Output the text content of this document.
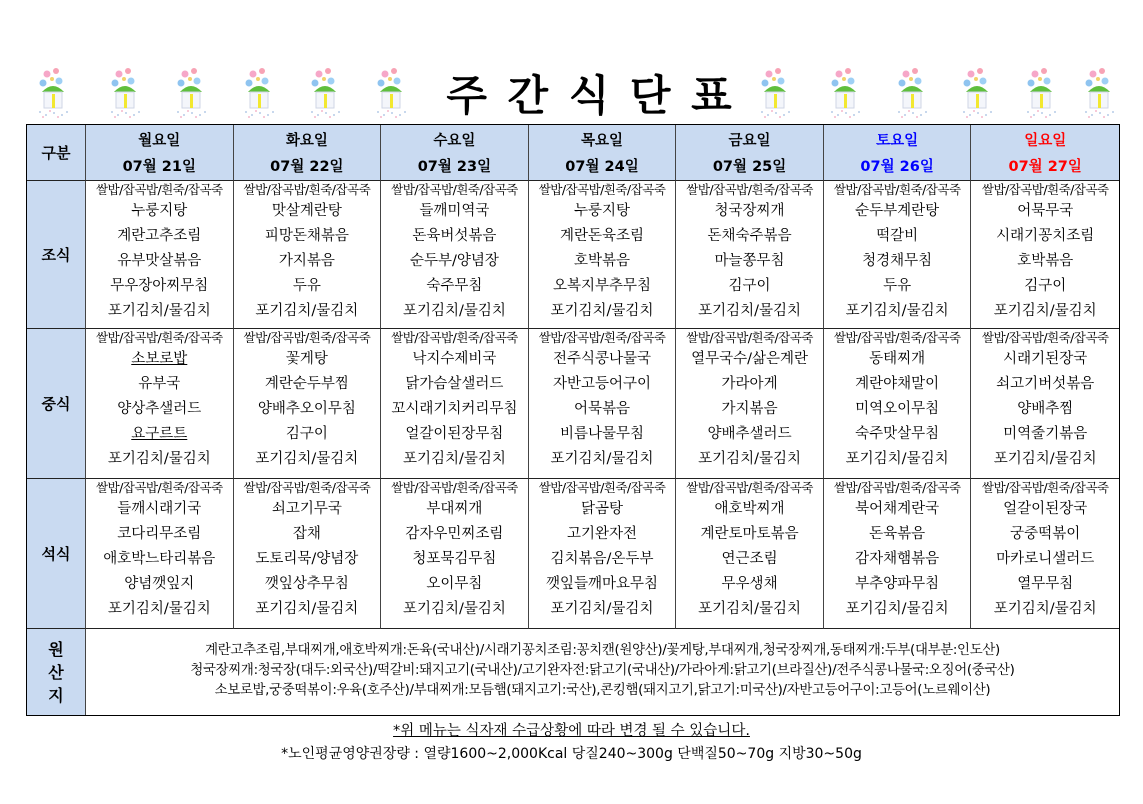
주 간 식 단 표
구분
월요일
07월 21일
화요일
07월 22일
수요일
07월 23일
목요일
07월 24일
금요일
07월 25일
토요일
07월 26일
일요일
07월 27일
조식
쌀밥/잡곡밥/흰죽/잡곡죽
누룽지탕
계란고추조림
유부맛살볶음
무우장아찌무침
포기김치/물김치
쌀밥/잡곡밥/흰죽/잡곡죽
맛살계란탕
피망돈채볶음
가지볶음
두유
포기김치/물김치
쌀밥/잡곡밥/흰죽/잡곡죽
들깨미역국
돈육버섯볶음
순두부/양념장
숙주무침
포기김치/물김치
쌀밥/잡곡밥/흰죽/잡곡죽
누룽지탕
계란돈육조림
호박볶음
오복지부추무침
포기김치/물김치
쌀밥/잡곡밥/흰죽/잡곡죽
청국장찌개
돈채숙주볶음
마늘쫑무침
김구이
포기김치/물김치
쌀밥/잡곡밥/흰죽/잡곡죽
순두부계란탕
떡갈비
청경채무침
두유
포기김치/물김치
쌀밥/잡곡밥/흰죽/잡곡죽
어묵무국
시래기꽁치조림
호박볶음
김구이
포기김치/물김치
중식
쌀밥/잡곡밥/흰죽/잡곡죽
소보로밥
유부국
양상추샐러드
요구르트
포기김치/물김치
쌀밥/잡곡밥/흰죽/잡곡죽
꽃게탕
계란순두부찜
양배추오이무침
김구이
포기김치/물김치
쌀밥/잡곡밥/흰죽/잡곡죽
낙지수제비국
닭가슴살샐러드
꼬시래기치커리무침
얼갈이된장무침
포기김치/물김치
쌀밥/잡곡밥/흰죽/잡곡죽
전주식콩나물국
자반고등어구이
어묵볶음
비름나물무침
포기김치/물김치
쌀밥/잡곡밥/흰죽/잡곡죽
열무국수/삶은계란
가라아게
가지볶음
양배추샐러드
포기김치/물김치
쌀밥/잡곡밥/흰죽/잡곡죽
동태찌개
계란야채말이
미역오이무침
숙주맛살무침
포기김치/물김치
쌀밥/잡곡밥/흰죽/잡곡죽
시래기된장국
쇠고기버섯볶음
양배추찜
미역줄기볶음
포기김치/물김치
석식
쌀밥/잡곡밥/흰죽/잡곡죽
들깨시래기국
코다리무조림
애호박느타리볶음
양념깻잎지
포기김치/물김치
쌀밥/잡곡밥/흰죽/잡곡죽
쇠고기무국
잡채
도토리묵/양념장
깻잎상추무침
포기김치/물김치
쌀밥/잡곡밥/흰죽/잡곡죽
부대찌개
감자우민찌조림
청포묵김무침
오이무침
포기김치/물김치
쌀밥/잡곡밥/흰죽/잡곡죽
닭곰탕
고기완자전
김치볶음/온두부
깻잎들깨마요무침
포기김치/물김치
쌀밥/잡곡밥/흰죽/잡곡죽
애호박찌개
계란토마토볶음
연근조림
무우생채
포기김치/물김치
쌀밥/잡곡밥/흰죽/잡곡죽
북어채계란국
돈육볶음
감자채햄볶음
부추양파무침
포기김치/물김치
쌀밥/잡곡밥/흰죽/잡곡죽
얼갈이된장국
궁중떡볶이
마카로니샐러드
열무무침
포기김치/물김치
원
산
지
계란고추조림,부대찌개,애호박찌개:돈육(국내산)/시래기꽁치조림:꽁치캔(원양산)/꽃게탕,부대찌개,청국장찌개,동태찌개:두부(대부분:인도산)
청국장찌개:청국장(대두:외국산)/떡갈비:돼지고기(국내산)/고기완자전:닭고기(국내산)/가라아게:닭고기(브라질산)/전주식콩나물국:오징어(중국산)
소보로밥,궁중떡볶이:우육(호주산)/부대찌개:모듬햄(돼지고기:국산),콘킹햄(돼지고기,닭고기:미국산)/자반고등어구이:고등어(노르웨이산)
*위 메뉴는 식자재 수급상황에 따라 변경 될 수 있습니다.
*노인평균영양권장량 : 열량1600~2,000Kcal 당질240~300g 단백질50~70g 지방30~50g
